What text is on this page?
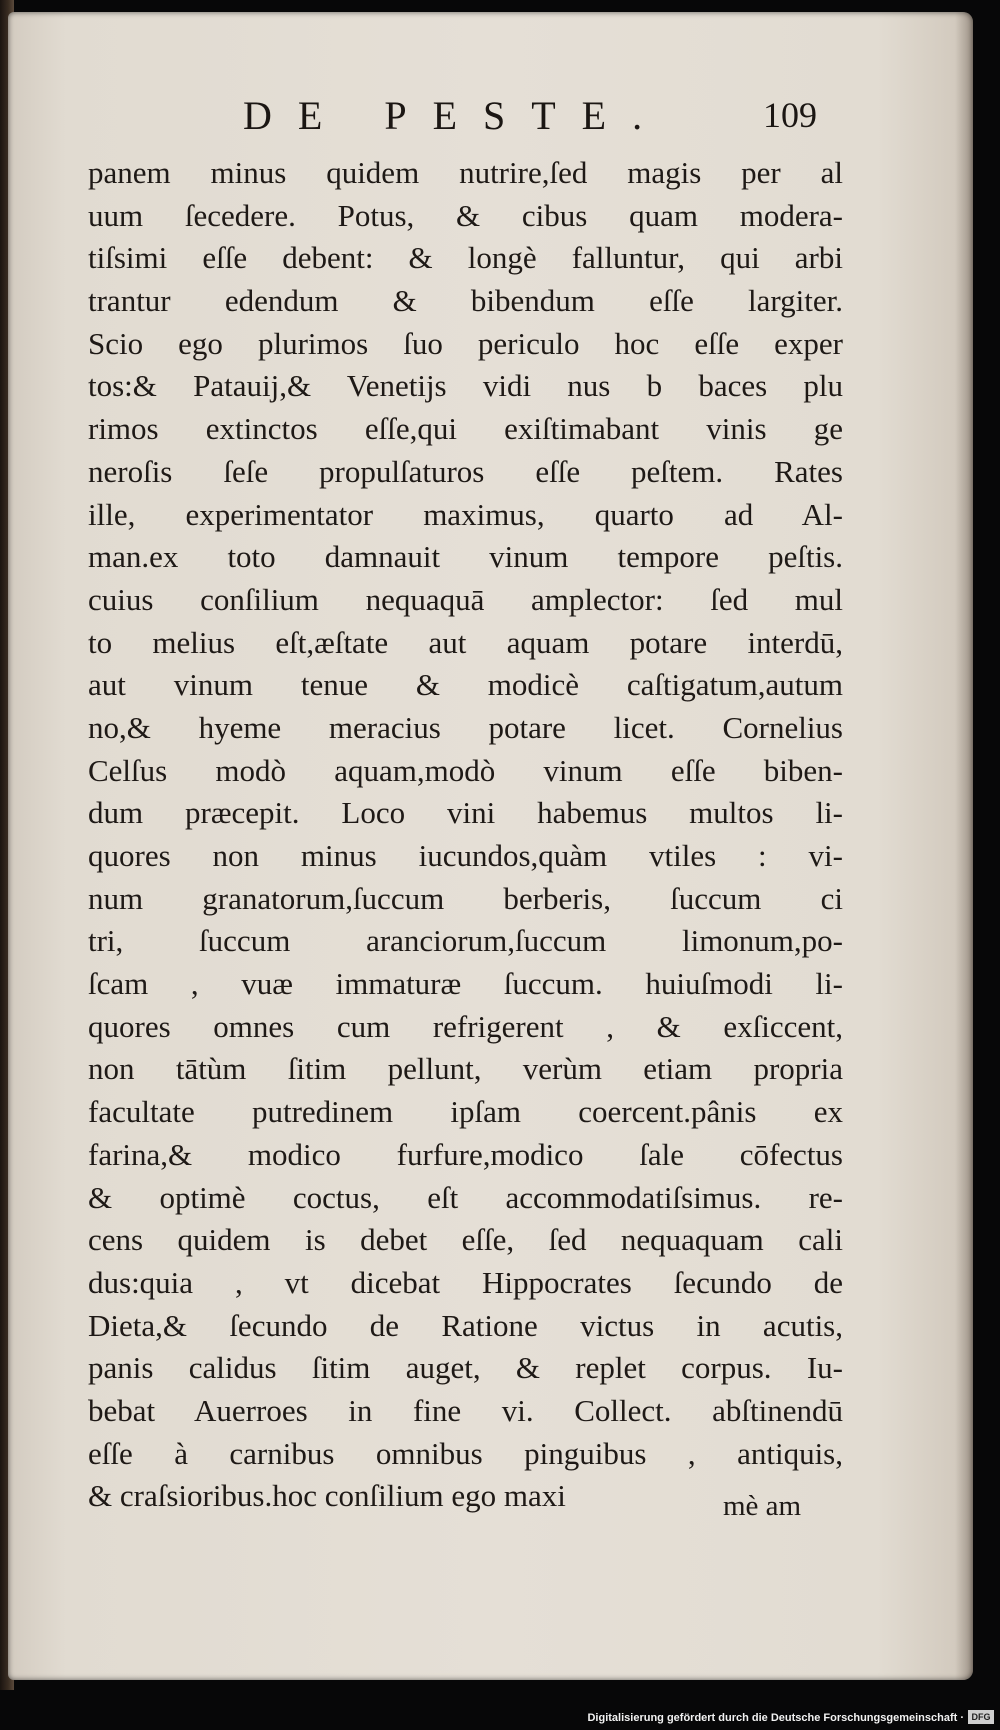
DE PESTE.	109
panem minus quidem nutrire,ſed magis per al
uum ſecedere. Potus, & cibus quam modera-
tiſsimi eſſe debent: & longè falluntur, qui arbi
trantur edendum & bibendum eſſe largiter.
Scio ego plurimos ſuo periculo hoc eſſe exper
tos:& Patauij,& Venetijs vidi nus b baces plu
rimos extinctos eſſe,qui exiſtimabant vinis ge
neroſis ſeſe propulſaturos eſſe peſtem. Rates
ille, experimentator maximus, quarto ad Al-
man.ex toto damnauit vinum tempore peſtis.
cuius conſilium nequaquā amplector: ſed mul
to melius eſt,æſtate aut aquam potare interdū,
aut vinum tenue & modicè caſtigatum,autum
no,& hyeme meracius potare licet. Cornelius
Celſus modò aquam,modò vinum eſſe biben-
dum præcepit. Loco vini habemus multos li-
quores non minus iucundos,quàm vtiles : vi-
num granatorum,ſuccum berberis, ſuccum ci
tri, ſuccum aranciorum,ſuccum limonum,po-
ſcam , vuæ immaturæ ſuccum. huiuſmodi li-
quores omnes cum refrigerent , & exſiccent,
non tātùm ſitim pellunt, verùm etiam propria
facultate putredinem ipſam coercent.pânis ex
farina,& modico furfure,modico ſale cōfectus
& optimè coctus, eſt accommodatiſsimus. re-
cens quidem is debet eſſe, ſed nequaquam cali
dus:quia , vt dicebat Hippocrates ſecundo de
Dieta,& ſecundo de Ratione victus in acutis,
panis calidus ſitim auget, & replet corpus. Iu-
bebat Auerroes in fine vi. Collect. abſtinendū
eſſe à carnibus omnibus pinguibus , antiquis,
& craſsioribus.hoc conſilium ego maxi	mè am
Digitalisierung gefördert durch die Deutsche Forschungsgemeinschaft · DFG
